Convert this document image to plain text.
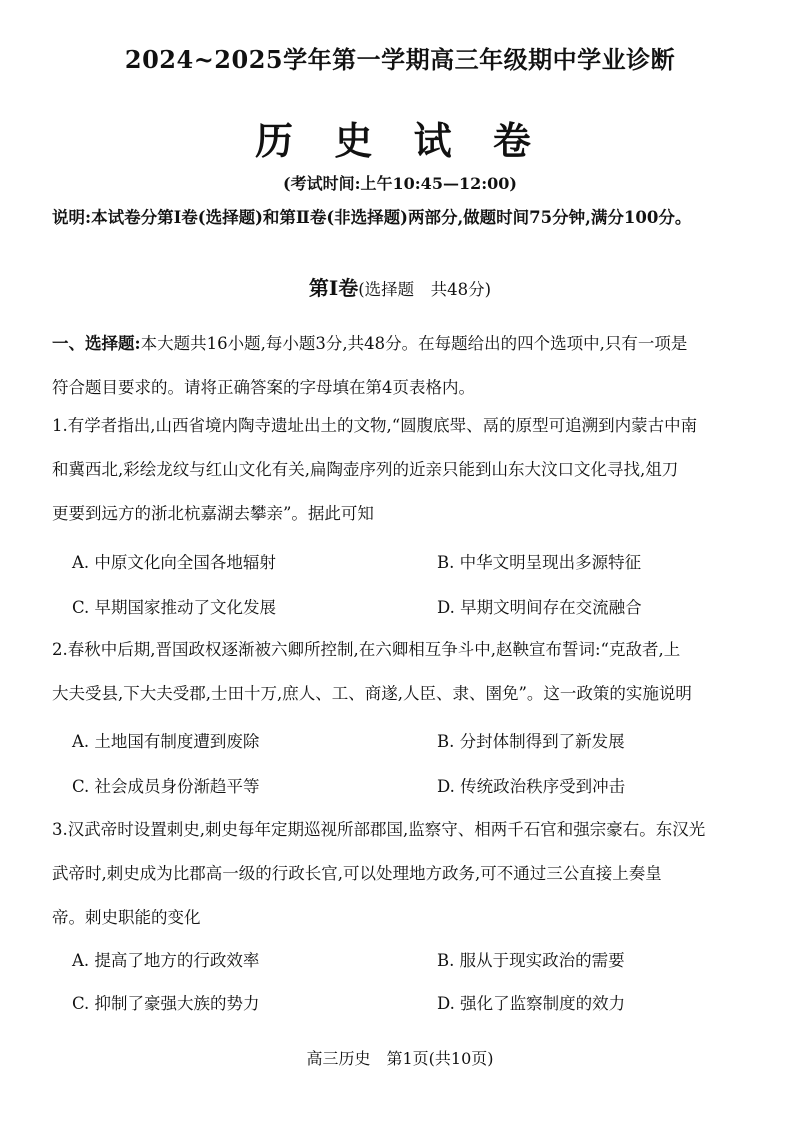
2024~2025学年第一学期高三年级期中学业诊断
历 史 试 卷
(考试时间:上午10:45—12:00)
说明:本试卷分第Ⅰ卷(选择题)和第Ⅱ卷(非选择题)两部分,做题时间75分钟,满分100分。
第Ⅰ卷(选择题　共48分)
一、选择题:本大题共16小题,每小题3分,共48分。在每题给出的四个选项中,只有一项是
符合题目要求的。请将正确答案的字母填在第4页表格内。
1.有学者指出,山西省境内陶寺遗址出土的文物,“圆腹底斝、鬲的原型可追溯到内蒙古中南
和冀西北,彩绘龙纹与红山文化有关,扁陶壶序列的近亲只能到山东大汶口文化寻找,俎刀
更要到远方的浙北杭嘉湖去攀亲”。据此可知
A. 中原文化向全国各地辐射	B. 中华文明呈现出多源特征
C. 早期国家推动了文化发展	D. 早期文明间存在交流融合
2.春秋中后期,晋国政权逐渐被六卿所控制,在六卿相互争斗中,赵鞅宣布誓词:“克敌者,上
大夫受县,下大夫受郡,士田十万,庶人、工、商遂,人臣、隶、圉免”。这一政策的实施说明
A. 土地国有制度遭到废除	B. 分封体制得到了新发展
C. 社会成员身份渐趋平等	D. 传统政治秩序受到冲击
3.汉武帝时设置刺史,刺史每年定期巡视所部郡国,监察守、相两千石官和强宗豪右。东汉光
武帝时,刺史成为比郡高一级的行政长官,可以处理地方政务,可不通过三公直接上奏皇
帝。刺史职能的变化
A. 提高了地方的行政效率	B. 服从于现实政治的需要
C. 抑制了豪强大族的势力	D. 强化了监察制度的效力
高三历史　第1页(共10页)
